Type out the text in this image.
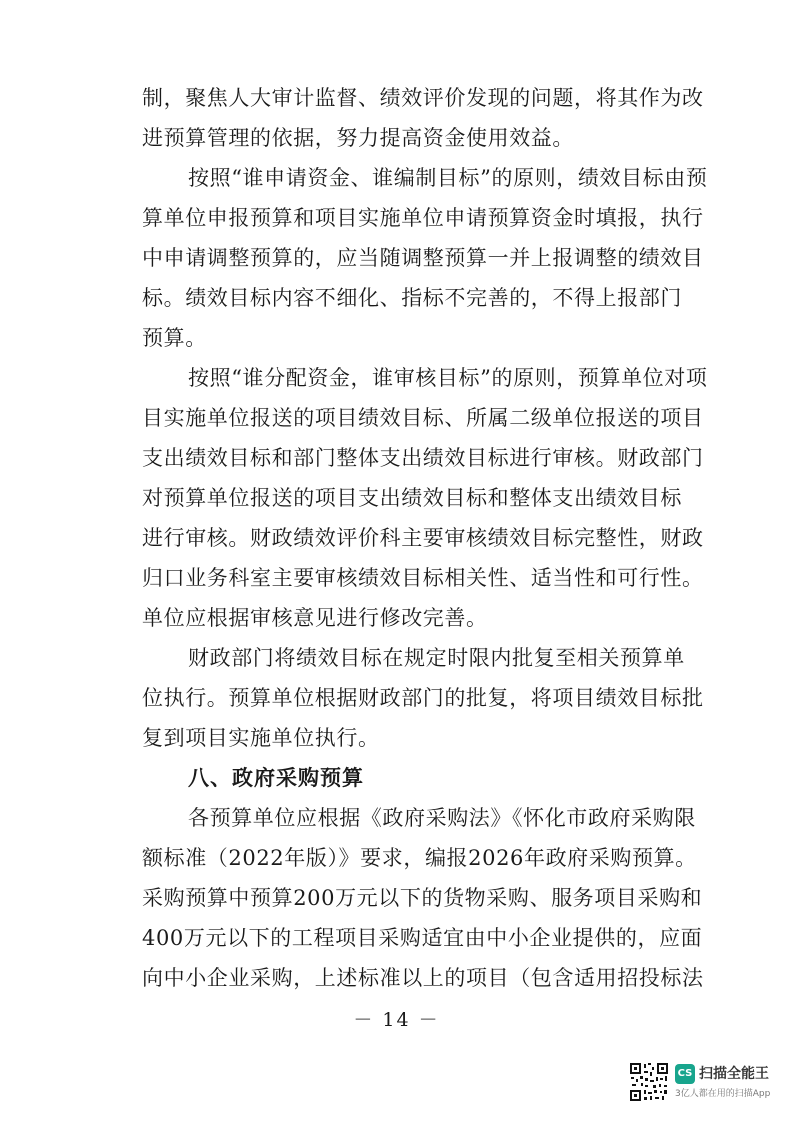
制，聚焦人大审计监督、绩效评价发现的问题，将其作为改
进预算管理的依据，努力提高资金使用效益。
按照“谁申请资金、谁编制目标”的原则，绩效目标由预
算单位申报预算和项目实施单位申请预算资金时填报，执行
中申请调整预算的，应当随调整预算一并上报调整的绩效目
标。绩效目标内容不细化、指标不完善的，不得上报部门
预算。
按照“谁分配资金，谁审核目标”的原则，预算单位对项
目实施单位报送的项目绩效目标、所属二级单位报送的项目
支出绩效目标和部门整体支出绩效目标进行审核。财政部门
对预算单位报送的项目支出绩效目标和整体支出绩效目标
进行审核。财政绩效评价科主要审核绩效目标完整性，财政
归口业务科室主要审核绩效目标相关性、适当性和可行性。
单位应根据审核意见进行修改完善。
财政部门将绩效目标在规定时限内批复至相关预算单
位执行。预算单位根据财政部门的批复，将项目绩效目标批
复到项目实施单位执行。
八、政府采购预算
各预算单位应根据《政府采购法》《怀化市政府采购限
额标准（2022年版）》要求，编报2026年政府采购预算。
采购预算中预算200万元以下的货物采购、服务项目采购和
400万元以下的工程项目采购适宜由中小企业提供的，应面
向中小企业采购，上述标准以上的项目（包含适用招投标法
－ 14 －
CS 扫描全能王
3亿人都在用的扫描App
